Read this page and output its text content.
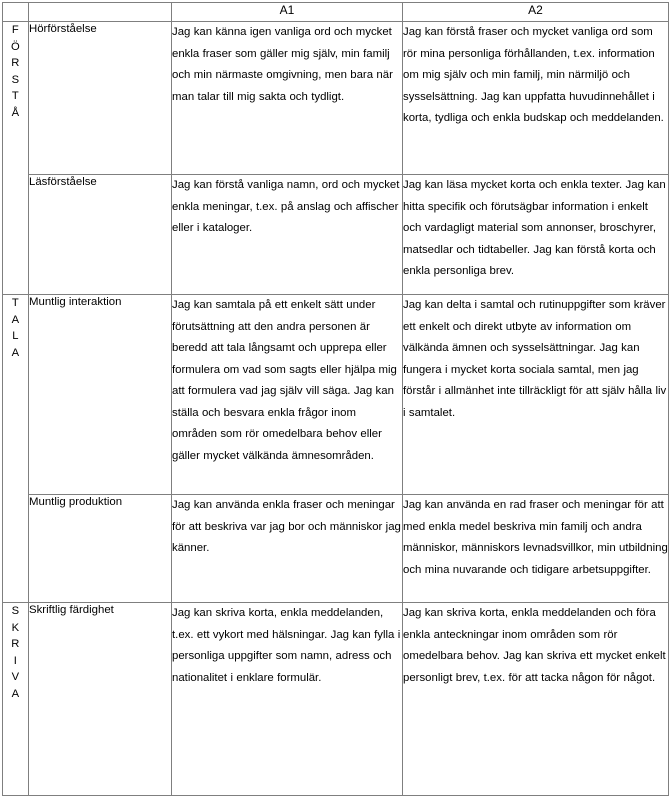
		A1	A2

F
Ö
R
S
T
Å
	Hörförståelse	Jag kan känna igen vanliga ord och mycket enkla fraser som gäller mig själv, min familj och min närmaste omgivning, men bara när man talar till mig sakta och tydligt.	Jag kan förstå fraser och mycket vanliga ord som rör mina personliga förhållanden, t.ex. information om mig själv och min familj, min närmiljö och sysselsättning. Jag kan uppfatta huvudinnehållet i korta, tydliga och enkla budskap och meddelanden.
	Läsförståelse	Jag kan förstå vanliga namn, ord och mycket enkla meningar, t.ex. på anslag och affischer eller i kataloger.	Jag kan läsa mycket korta och enkla texter. Jag kan hitta specifik och förutsägbar information i enkelt och vardagligt material som annonser, broschyrer, matsedlar och tidtabeller. Jag kan förstå korta och enkla personliga brev.

T
A
L
A
	Muntlig interaktion	Jag kan samtala på ett enkelt sätt under förutsättning att den andra personen är beredd att tala långsamt och upprepa eller formulera om vad som sagts eller hjälpa mig att formulera vad jag själv vill säga. Jag kan ställa och besvara enkla frågor inom områden som rör omedelbara behov eller gäller mycket välkända ämnesområden.	Jag kan delta i samtal och rutinuppgifter som kräver ett enkelt och direkt utbyte av information om välkända ämnen och sysselsättningar. Jag kan fungera i mycket korta sociala samtal, men jag förstår i allmänhet inte tillräckligt för att själv hålla liv i samtalet.
	Muntlig produktion	Jag kan använda enkla fraser och meningar för att beskriva var jag bor och människor jag känner.	Jag kan använda en rad fraser och meningar för att med enkla medel beskriva min familj och andra människor, människors levnadsvillkor, min utbildning och mina nuvarande och tidigare arbetsuppgifter.

S
K
R
I
V
A
	Skriftlig färdighet	Jag kan skriva korta, enkla meddelanden, t.ex. ett vykort med hälsningar. Jag kan fylla i personliga uppgifter som namn, adress och nationalitet i enklare formulär.	Jag kan skriva korta, enkla meddelanden och föra enkla anteckningar inom områden som rör omedelbara behov. Jag kan skriva ett mycket enkelt personligt brev, t.ex. för att tacka någon för något.
